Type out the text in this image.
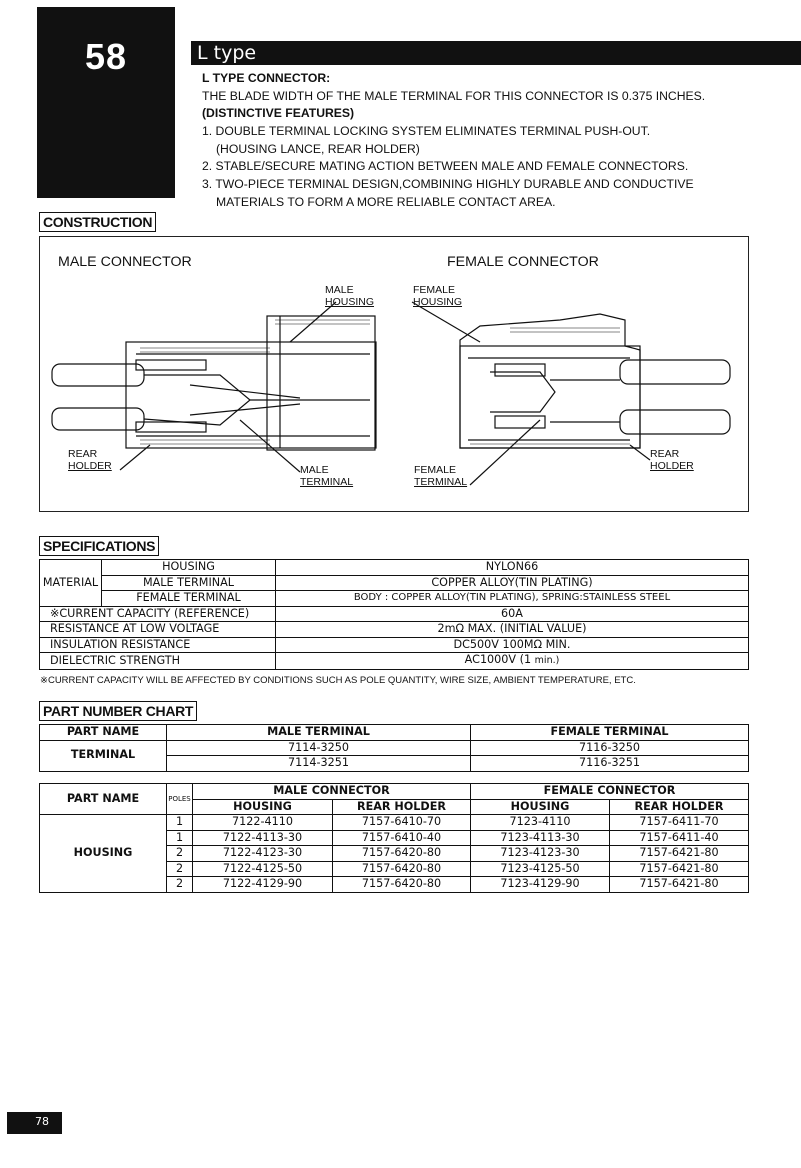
58	L type
L TYPE CONNECTOR:
THE BLADE WIDTH OF THE MALE TERMINAL FOR THIS CONNECTOR IS 0.375 INCHES.
(DISTINCTIVE FEATURES)
1. DOUBLE TERMINAL LOCKING SYSTEM ELIMINATES TERMINAL PUSH-OUT.
(HOUSING LANCE, REAR HOLDER)
2. STABLE/SECURE MATING ACTION BETWEEN MALE AND FEMALE CONNECTORS.
3. TWO-PIECE TERMINAL DESIGN,COMBINING HIGHLY DURABLE AND CONDUCTIVE
MATERIALS TO FORM A MORE RELIABLE CONTACT AREA.
CONSTRUCTION
MALE CONNECTOR	FEMALE CONNECTOR
MALE
HOUSING
FEMALE
HOUSING
REAR
HOLDER	MALE
TERMINAL
FEMALE
TERMINAL
REAR
HOLDER
SPECIFICATIONS
MATERIAL	HOUSING	NYLON66
	MALE TERMINAL	COPPER ALLOY(TIN PLATING)
	FEMALE TERMINAL	BODY : COPPER ALLOY(TIN PLATING), SPRING:STAINLESS STEEL
※CURRENT CAPACITY (REFERENCE)		60A
RESISTANCE AT LOW VOLTAGE		2mΩ MAX. (INITIAL VALUE)
INSULATION RESISTANCE		DC500V 100MΩ MIN.
DIELECTRIC STRENGTH		AC1000V (1 min.)
※CURRENT CAPACITY WILL BE AFFECTED BY CONDITIONS SUCH AS POLE QUANTITY, WIRE SIZE, AMBIENT TEMPERATURE, ETC.
PART NUMBER CHART
PART NAME	MALE TERMINAL	FEMALE TERMINAL
TERMINAL	7114-3250	7116-3250
	7114-3251	7116-3251
PART NAME	POLES	MALE CONNECTOR		FEMALE CONNECTOR	
		HOUSING	REAR HOLDER	HOUSING	REAR HOLDER
HOUSING	1	7122-4110	7157-6410-70	7123-4110	7157-6411-70
	1	7122-4113-30	7157-6410-40	7123-4113-30	7157-6411-40
	2	7122-4123-30	7157-6420-80	7123-4123-30	7157-6421-80
	2	7122-4125-50	7157-6420-80	7123-4125-50	7157-6421-80
	2	7122-4129-90	7157-6420-80	7123-4129-90	7157-6421-80
78
